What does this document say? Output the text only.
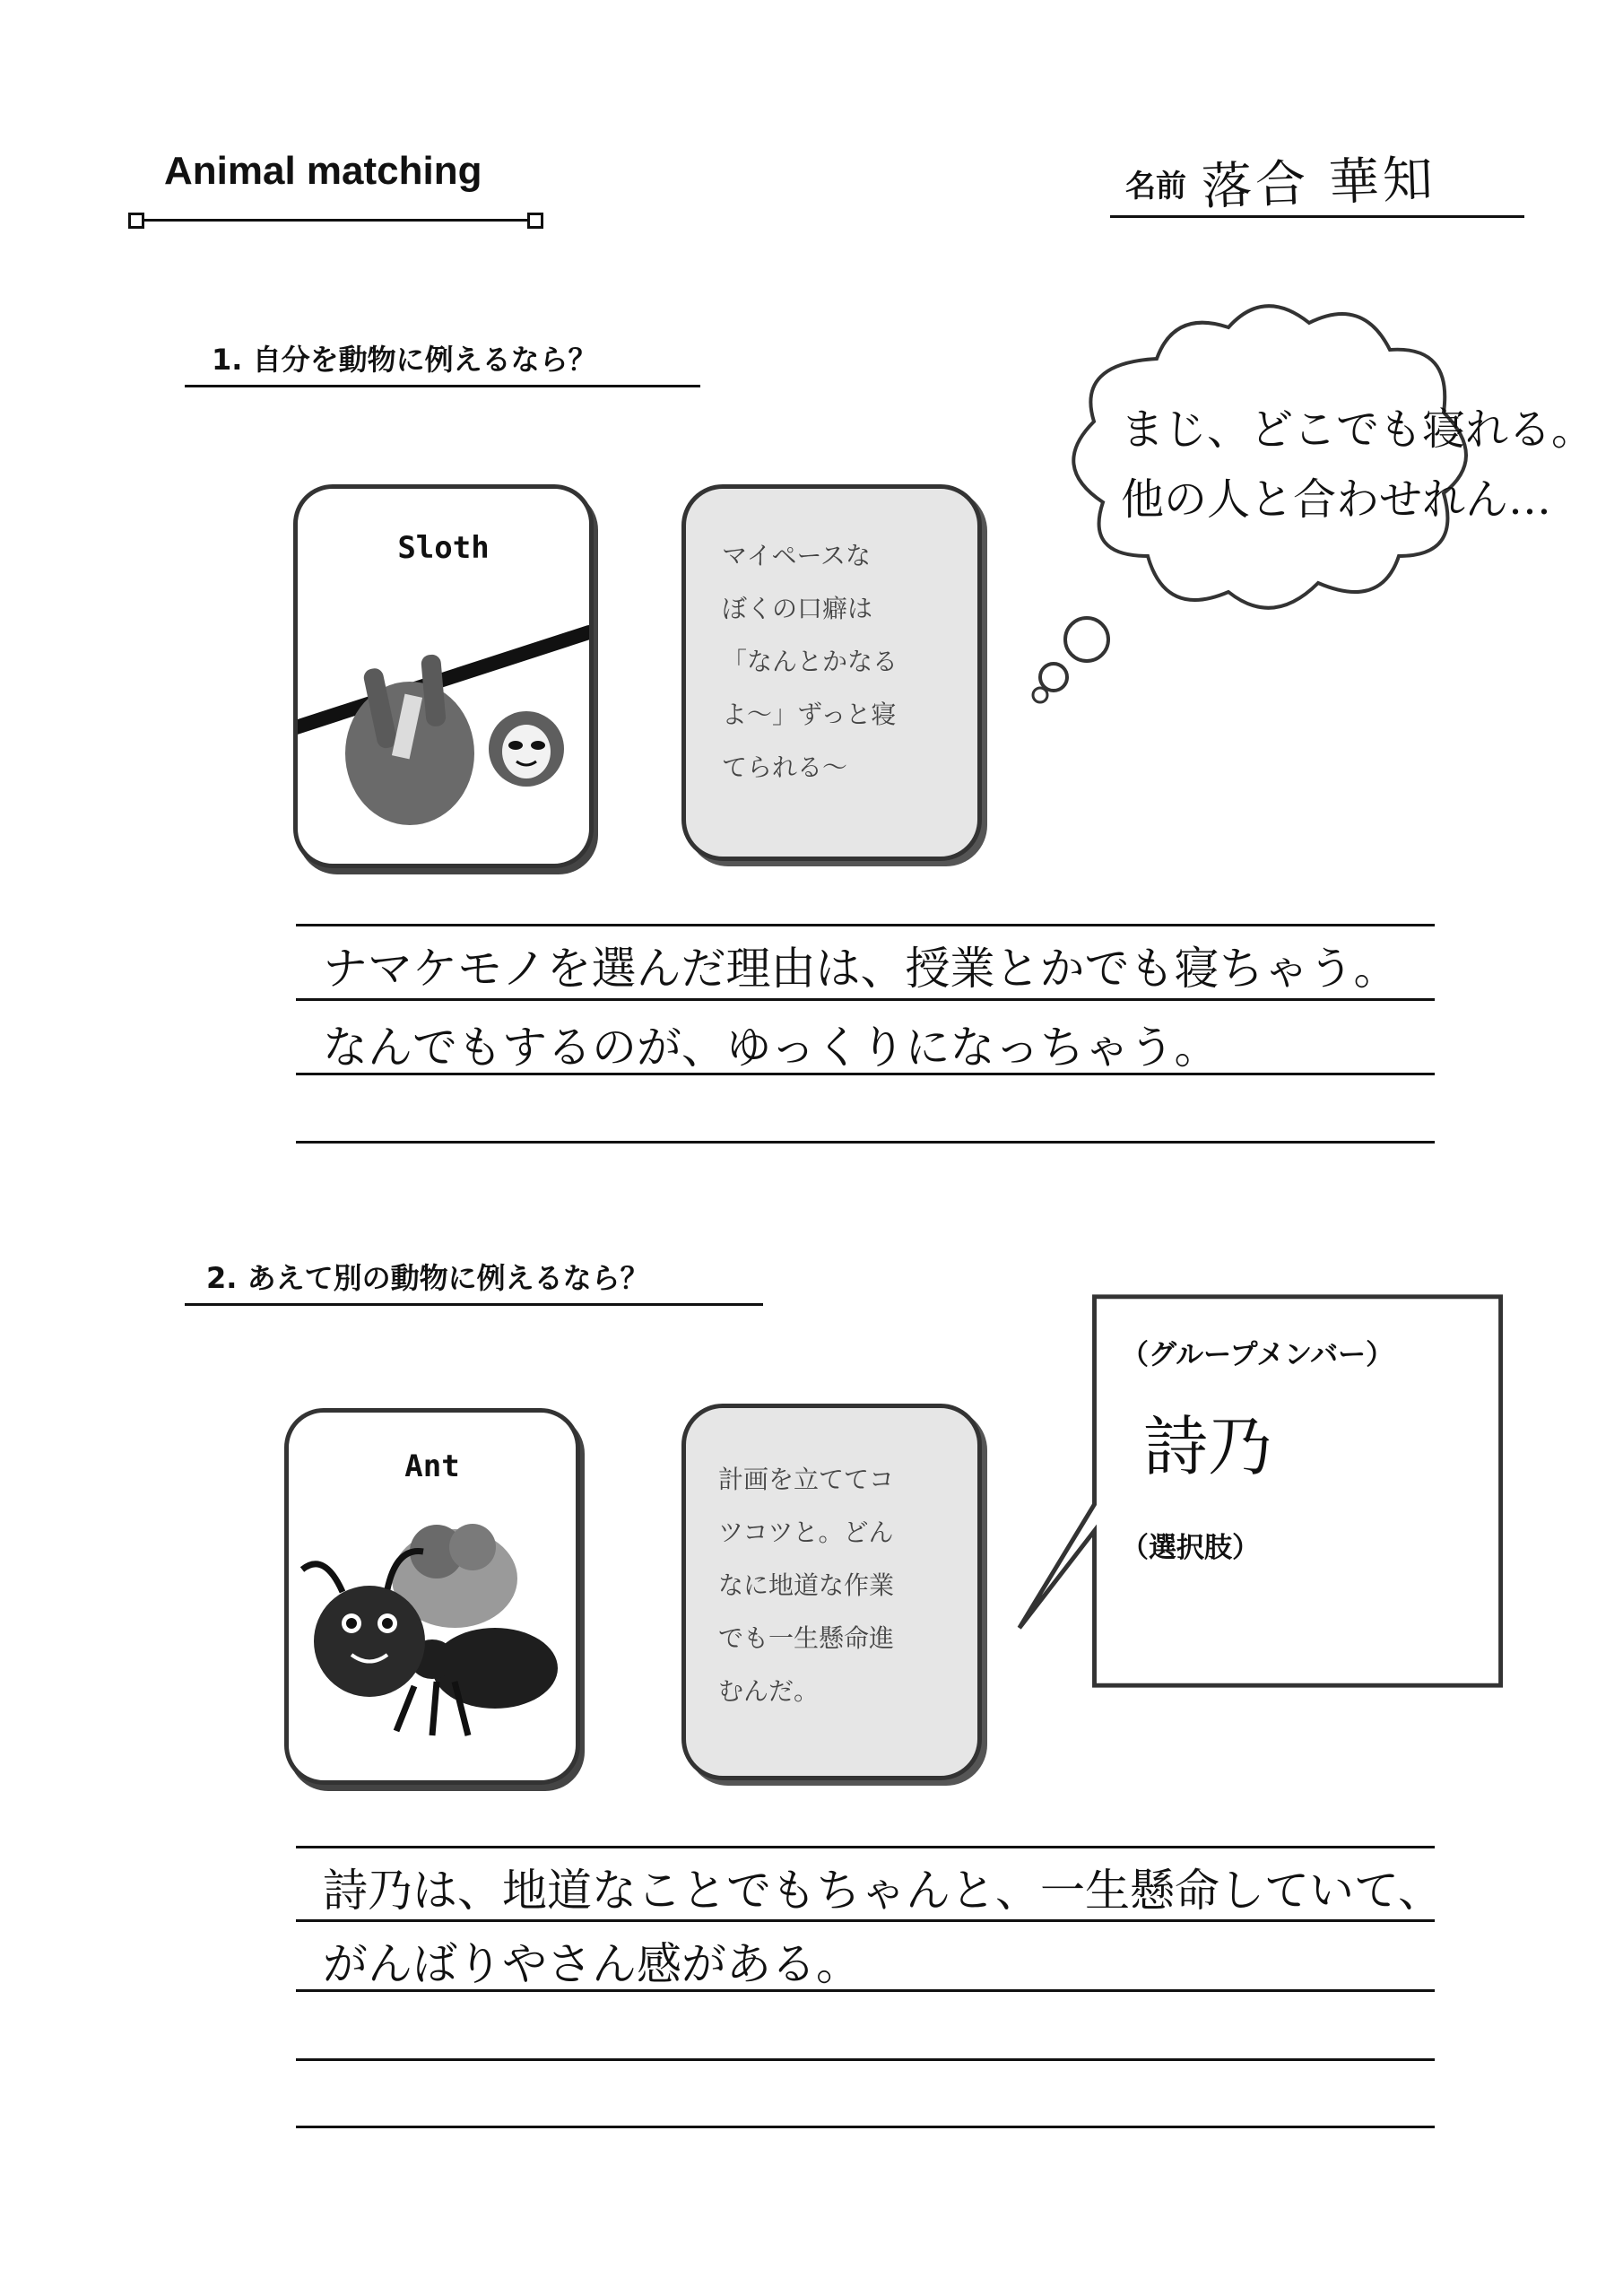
Animal matching	名前 落合 華知
1. 自分を動物に例えるなら？
Sloth	マイペースな
ぼくの口癖は
「なんとかなる
よ～」ずっと寝
てられる～
まじ、どこでも寝れる。
他の人と合わせれん…
ナマケモノを選んだ理由は、授業とかでも寝ちゃう。
なんでもするのが、ゆっくりになっちゃう。
2. あえて別の動物に例えるなら？
Ant	計画を立ててコ
ツコツと。どん
なに地道な作業
でも一生懸命進
むんだ。
（グループメンバー）
詩乃
（選択肢）
詩乃は、地道なことでもちゃんと、一生懸命していて、
がんばりやさん感がある。
